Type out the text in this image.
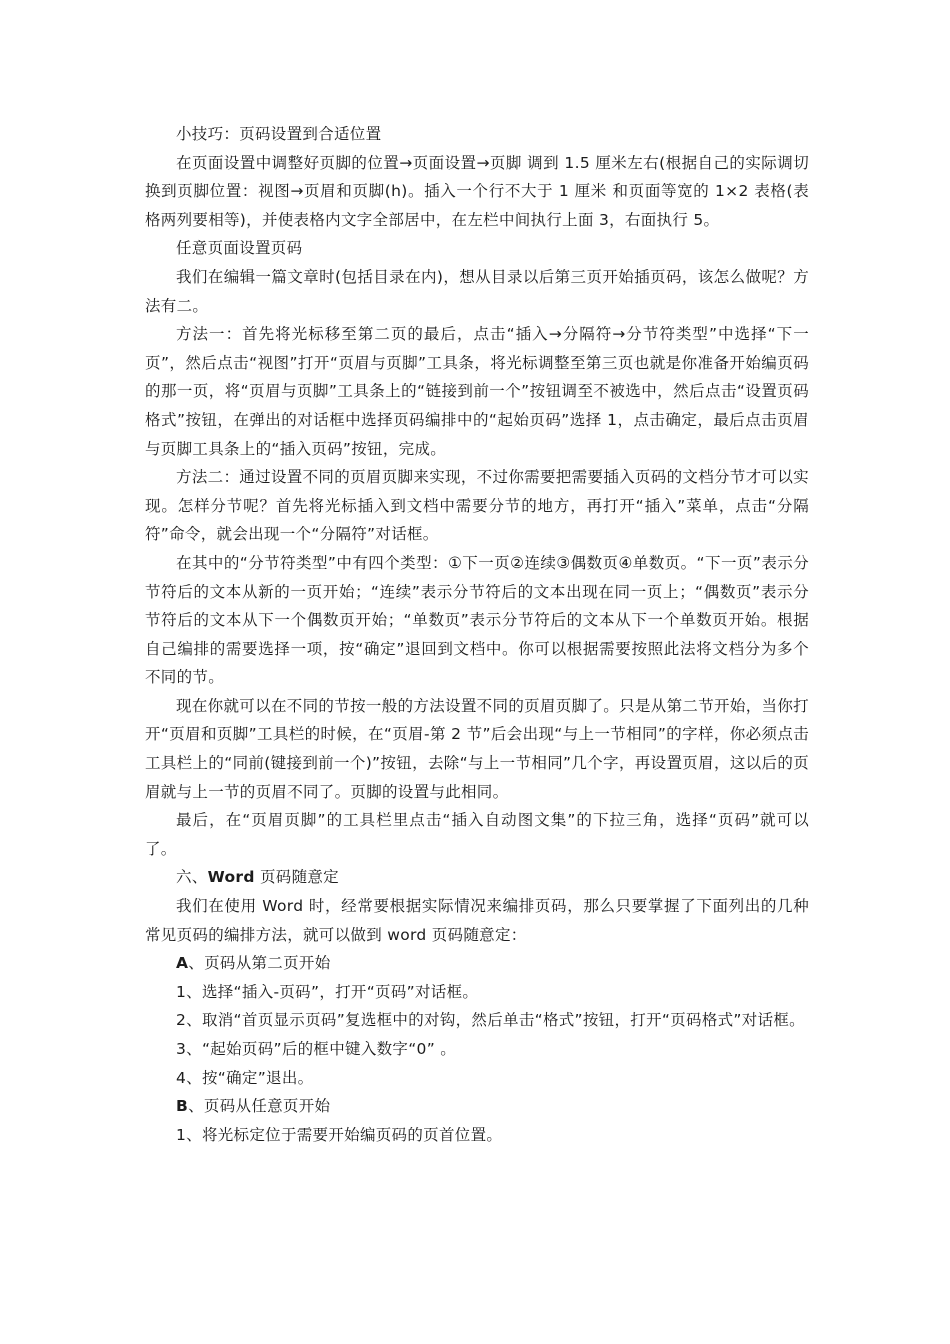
小技巧：页码设置到合适位置

在页面设置中调整好页脚的位置→页面设置→页脚 调到 1.5 厘米左右(根据自己的实际调切换到页脚位置：视图→页眉和页脚(h)。插入一个行不大于 1 厘米 和页面等宽的 1×2 表格(表格两列要相等)，并使表格内文字全部居中，在左栏中间执行上面 3，右面执行 5。

任意页面设置页码

我们在编辑一篇文章时(包括目录在内)，想从目录以后第三页开始插页码，该怎么做呢？方法有二。

方法一：首先将光标移至第二页的最后，点击“插入→分隔符→分节符类型”中选择“下一页”，然后点击“视图”打开“页眉与页脚”工具条，将光标调整至第三页也就是你准备开始编页码的那一页，将“页眉与页脚”工具条上的“链接到前一个”按钮调至不被选中，然后点击“设置页码格式”按钮，在弹出的对话框中选择页码编排中的“起始页码”选择 1，点击确定，最后点击页眉与页脚工具条上的“插入页码”按钮，完成。

方法二：通过设置不同的页眉页脚来实现，不过你需要把需要插入页码的文档分节才可以实现。怎样分节呢？首先将光标插入到文档中需要分节的地方，再打开“插入”菜单，点击“分隔符”命令，就会出现一个“分隔符”对话框。

在其中的“分节符类型”中有四个类型：①下一页②连续③偶数页④单数页。“下一页”表示分节符后的文本从新的一页开始；“连续”表示分节符后的文本出现在同一页上；“偶数页”表示分节符后的文本从下一个偶数页开始；“单数页”表示分节符后的文本从下一个单数页开始。根据自己编排的需要选择一项，按“确定”退回到文档中。你可以根据需要按照此法将文档分为多个不同的节。

现在你就可以在不同的节按一般的方法设置不同的页眉页脚了。只是从第二节开始，当你打开“页眉和页脚”工具栏的时候，在“页眉-第 2 节”后会出现“与上一节相同”的字样，你必须点击工具栏上的“同前(键接到前一个)”按钮，去除“与上一节相同”几个字，再设置页眉，这以后的页眉就与上一节的页眉不同了。页脚的设置与此相同。

最后，在“页眉页脚”的工具栏里点击“插入自动图文集”的下拉三角，选择“页码”就可以了。

六、Word 页码随意定

我们在使用 Word 时，经常要根据实际情况来编排页码，那么只要掌握了下面列出的几种常见页码的编排方法，就可以做到 word 页码随意定：

A、页码从第二页开始

1、选择“插入-页码”，打开“页码”对话框。

2、取消“首页显示页码”复选框中的对钩，然后单击“格式”按钮，打开“页码格式”对话框。

3、“起始页码”后的框中键入数字“0” 。

4、按“确定”退出。

B、页码从任意页开始

1、将光标定位于需要开始编页码的页首位置。
